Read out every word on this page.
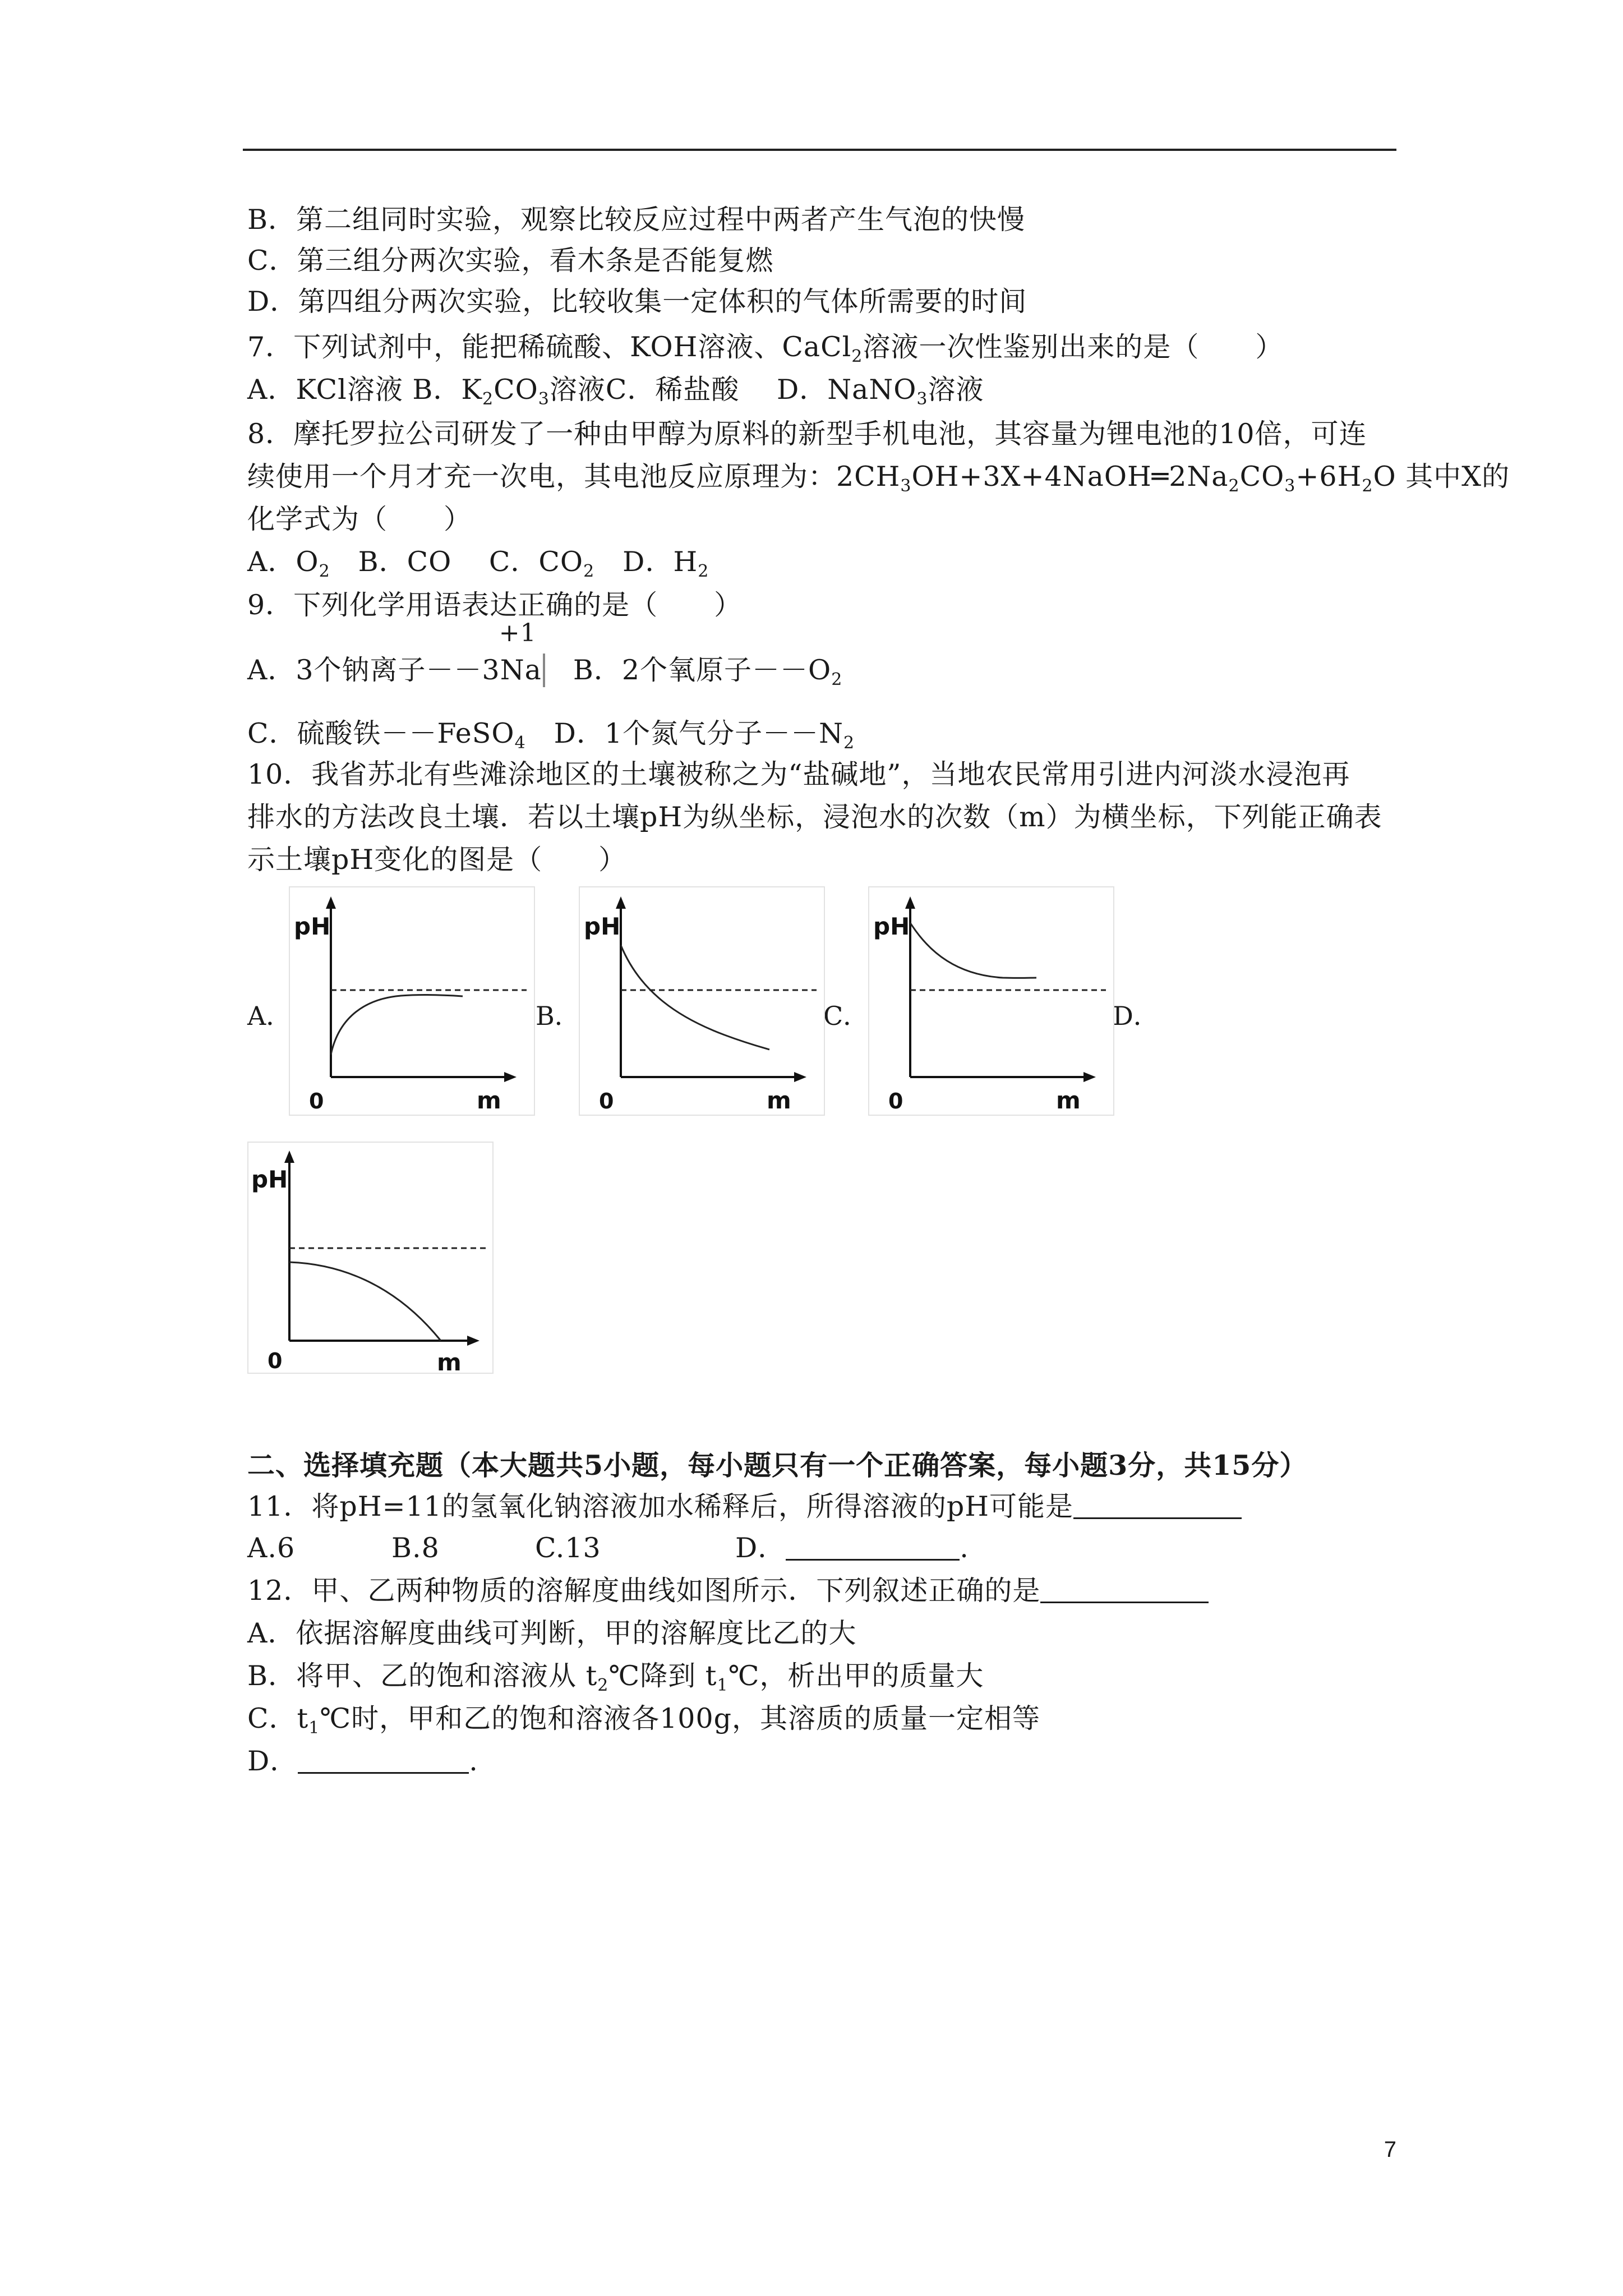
B．第二组同时实验，观察比较反应过程中两者产生气泡的快慢
C．第三组分两次实验，看木条是否能复燃
D．第四组分两次实验，比较收集一定体积的气体所需要的时间
7．下列试剂中，能把稀硫酸、KOH溶液、CaCl$_2$溶液一次性鉴别出来的是（　　）
A．KCl溶液 B．$K_2CO_3$溶液C．稀盐酸　 D．NaNO$_3$溶液
8．摩托罗拉公司研发了一种由甲醇为原料的新型手机电池，其容量为锂电池的10倍，可连
续使用一个月才充一次电，其电池反应原理为：$2CH_3OH+3X+4NaOH═2Na_2CO_3+6H_2O$ 其中X的
化学式为（　　）
A．$O_2$　B．CO　 C．$CO_2$　D．$H_2$
9．下列化学用语表达正确的是（　　）
A．3个钠离子－－3
+1
Na　B．2个氧原子$--O_2$
C．硫酸铁－－FeSO$_4$　D．1个氮气分子$--N_2$
10．我省苏北有些滩涂地区的土壤被称之为“盐碱地”，当地农民常用引进内河淡水浸泡再
排水的方法改良土壤．若以土壤pH为纵坐标，浸泡水的次数（m）为横坐标，下列能正确表
示土壤pH变化的图是（　　）
A．	B．	C．	D．
pH
0	m
pH
0	m
pH
0	m
pH
0	m
二、选择填充题（本大题共5小题，每小题只有一个正确答案，每小题3分，共15分）
11．将pH=11的氢氧化钠溶液加水稀释后，所得溶液的pH可能是
A.6	B.8	C.13	D．	.
12．甲、乙两种物质的溶解度曲线如图所示．下列叙述正确的是
A．依据溶解度曲线可判断，甲的溶解度比乙的大
B．将甲、乙的饱和溶液从 $t_2℃$降到 $t_1℃$，析出甲的质量大
C．$t_1℃$时，甲和乙的饱和溶液各100g，其溶质的质量一定相等
D．	.
7
